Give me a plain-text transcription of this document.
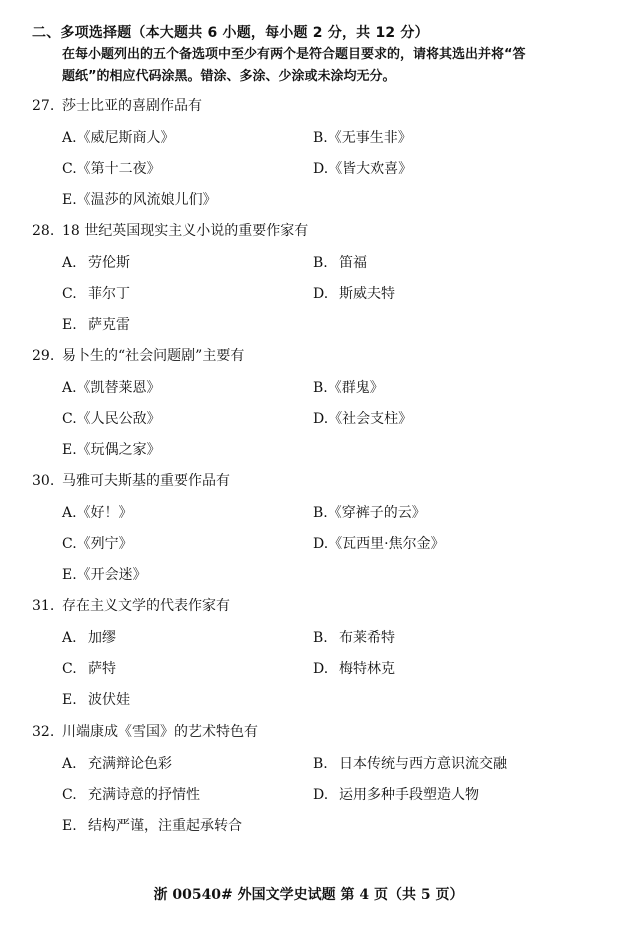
二、多项选择题（本大题共 6 小题，每小题 2 分，共 12 分）
在每小题列出的五个备选项中至少有两个是符合题目要求的，请将其选出并将“答
题纸”的相应代码涂黑。错涂、多涂、少涂或未涂均无分。
27. 莎士比亚的喜剧作品有
A.《威尼斯商人》	B.《无事生非》
C.《第十二夜》	D.《皆大欢喜》
E.《温莎的风流娘儿们》
28. 18 世纪英国现实主义小说的重要作家有
A. 劳伦斯	B. 笛福
C. 菲尔丁	D. 斯威夫特
E. 萨克雷
29. 易卜生的“社会问题剧”主要有
A.《凯替莱恩》	B.《群鬼》
C.《人民公敌》	D.《社会支柱》
E.《玩偶之家》
30. 马雅可夫斯基的重要作品有
A.《好！》	B.《穿裤子的云》
C.《列宁》	D.《瓦西里·焦尔金》
E.《开会迷》
31. 存在主义文学的代表作家有
A. 加缪	B. 布莱希特
C. 萨特	D. 梅特林克
E. 波伏娃
32. 川端康成《雪国》的艺术特色有
A. 充满辩论色彩	B. 日本传统与西方意识流交融
C. 充满诗意的抒情性	D. 运用多种手段塑造人物
E. 结构严谨，注重起承转合
浙 00540# 外国文学史试题 第 4 页（共 5 页）
